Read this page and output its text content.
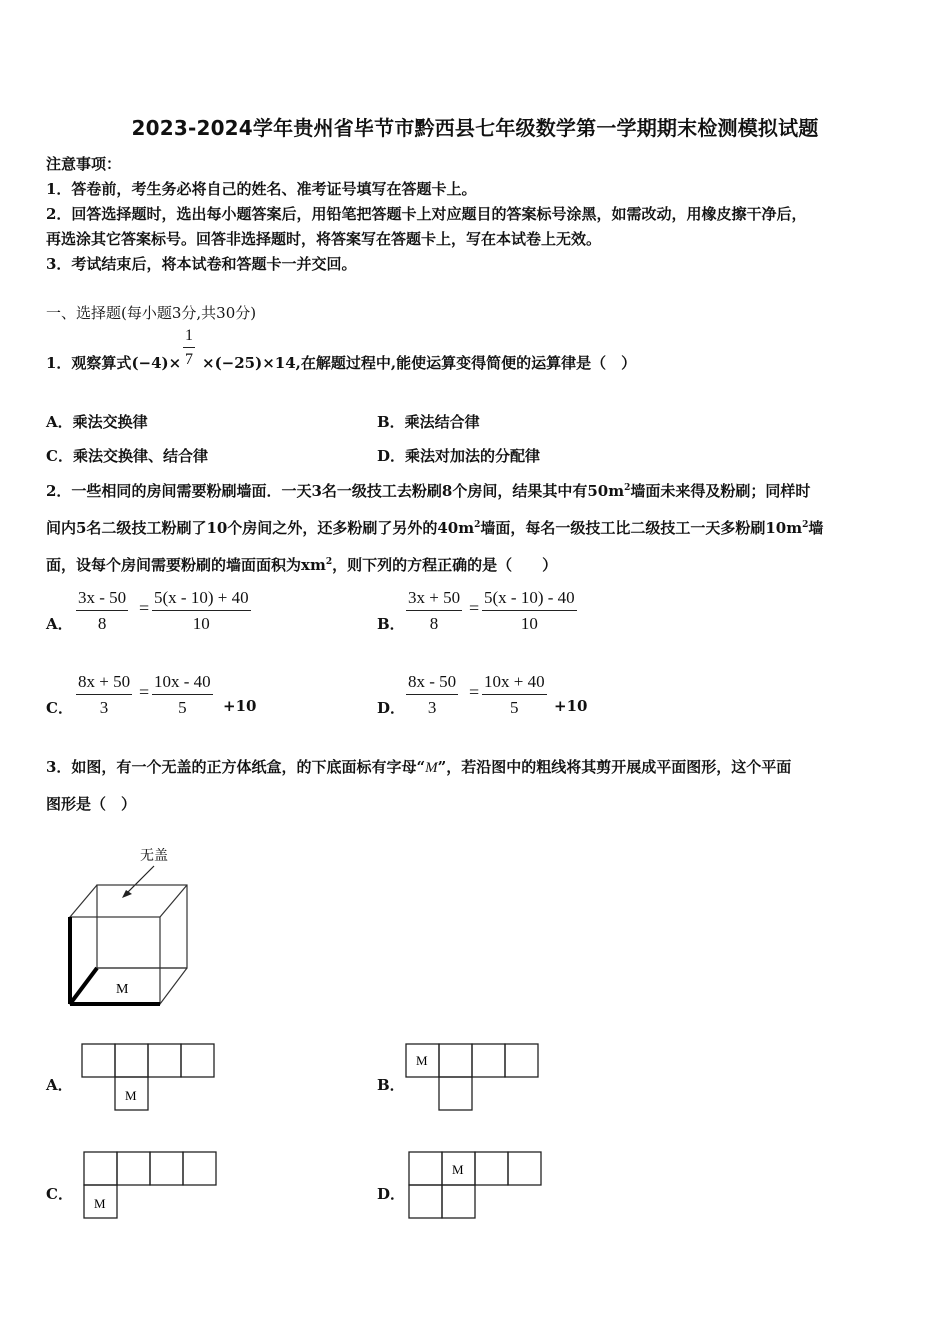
2023-2024学年贵州省毕节市黔西县七年级数学第一学期期末检测模拟试题
注意事项：
1．答卷前，考生务必将自己的姓名、准考证号填写在答题卡上。
2．回答选择题时，选出每小题答案后，用铅笔把答题卡上对应题目的答案标号涂黑，如需改动，用橡皮擦干净后，
再选涂其它答案标号。回答非选择题时，将答案写在答题卡上，写在本试卷上无效。
3．考试结束后，将本试卷和答题卡一并交回。
一、选择题(每小题3分,共30分)
1．观察算式$(-4)\times \frac{1}{7} \times(-25)\times 14$,在解题过程中,能使运算变得简便的运算律是（　）
A．乘法交换律	B．乘法结合律
C．乘法交换律、结合律	D．乘法对加法的分配律
2．一些相同的房间需要粉刷墙面．一天3名一级技工去粉刷8个房间，结果其中有$50m^2$墙面未来得及粉刷；同样时
间内5名二级技工粉刷了10个房间之外，还多粉刷了另外的$40m^2$墙面，每名一级技工比二级技工一天多粉刷$10m^2$墙
面，设每个房间需要粉刷的墙面面积为$xm^2$，则下列的方程正确的是（　　）
A． $\frac{3x - 50}{8} = \frac{5(x - 10) + 40}{10}$	B． $\frac{3x + 50}{8} = \frac{5(x - 10) - 40}{10}$
C． $\frac{8x + 50}{3} = \frac{10x - 40}{5} +10$	D． $\frac{8x - 50}{3} = \frac{10x + 40}{5} +10$
3．如图，有一个无盖的正方体纸盒，的下底面标有字母“M”，若沿图中的粗线将其剪开展成平面图形，这个平面
图形是（　）
无盖
M
A．
M
B．
M
C．
M
D．
M
